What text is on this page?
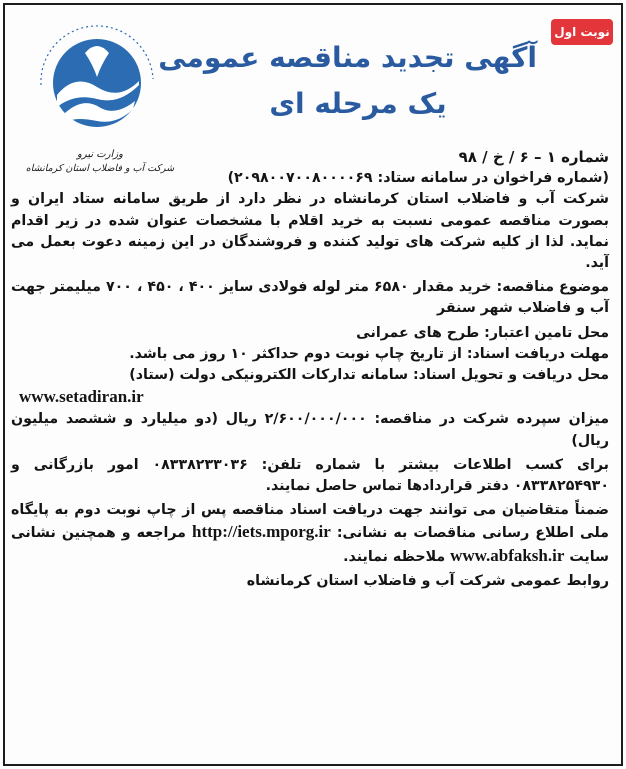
نوبت اول
آگهی تجدید مناقصه عمومی
یک مرحله ای
وزارت نیرو
شرکت آب و فاضلاب استان کرمانشاه

شماره ۱ – ۶ / خ / ۹۸

(شماره فراخوان در سامانه ستاد: ۲۰۹۸۰۰۷۰۰۸۰۰۰۰۶۹)

شرکت آب و فاضلاب استان کرمانشاه در نظر دارد از طریق سامانه ستاد ایران و بصورت مناقصه عمومی نسبت به خرید اقلام با مشخصات عنوان شده در زیر اقدام نماید. لذا از کلیه شرکت های تولید کننده و فروشندگان در این زمینه دعوت بعمل می آید.

موضوع مناقصه: خرید مقدار ۶۵۸۰ متر لوله فولادی سایز ۴۰۰ ، ۴۵۰ ، ۷۰۰ میلیمتر جهت آب و فاضلاب شهر سنقر

محل تامین اعتبار: طرح های عمرانی

مهلت دریافت اسناد: از تاریخ چاپ نوبت دوم حداکثر ۱۰ روز می باشد.

محل دریافت و تحویل اسناد: سامانه تدارکات الکترونیکی دولت (ستاد)

www.setadiran.ir

میزان سپرده شرکت در مناقصه: ۲/۶۰۰/۰۰۰/۰۰۰ ریال (دو میلیارد و ششصد میلیون ریال)

برای کسب اطلاعات بیشتر با شماره تلفن: ۰۸۳۳۸۲۳۳۰۳۶ امور بازرگانی و ۰۸۳۳۸۲۵۴۹۳۰ دفتر قراردادها تماس حاصل نمایند.

ضمناً متقاضیان می توانند جهت دریافت اسناد مناقصه پس از چاپ نوبت دوم به پایگاه ملی اطلاع رسانی مناقصات به نشانی: http://iets.mporg.ir مراجعه و همچنین نشانی سایت www.abfaksh.ir ملاحظه نمایند.

روابط عمومی شرکت آب و فاضلاب استان کرمانشاه
